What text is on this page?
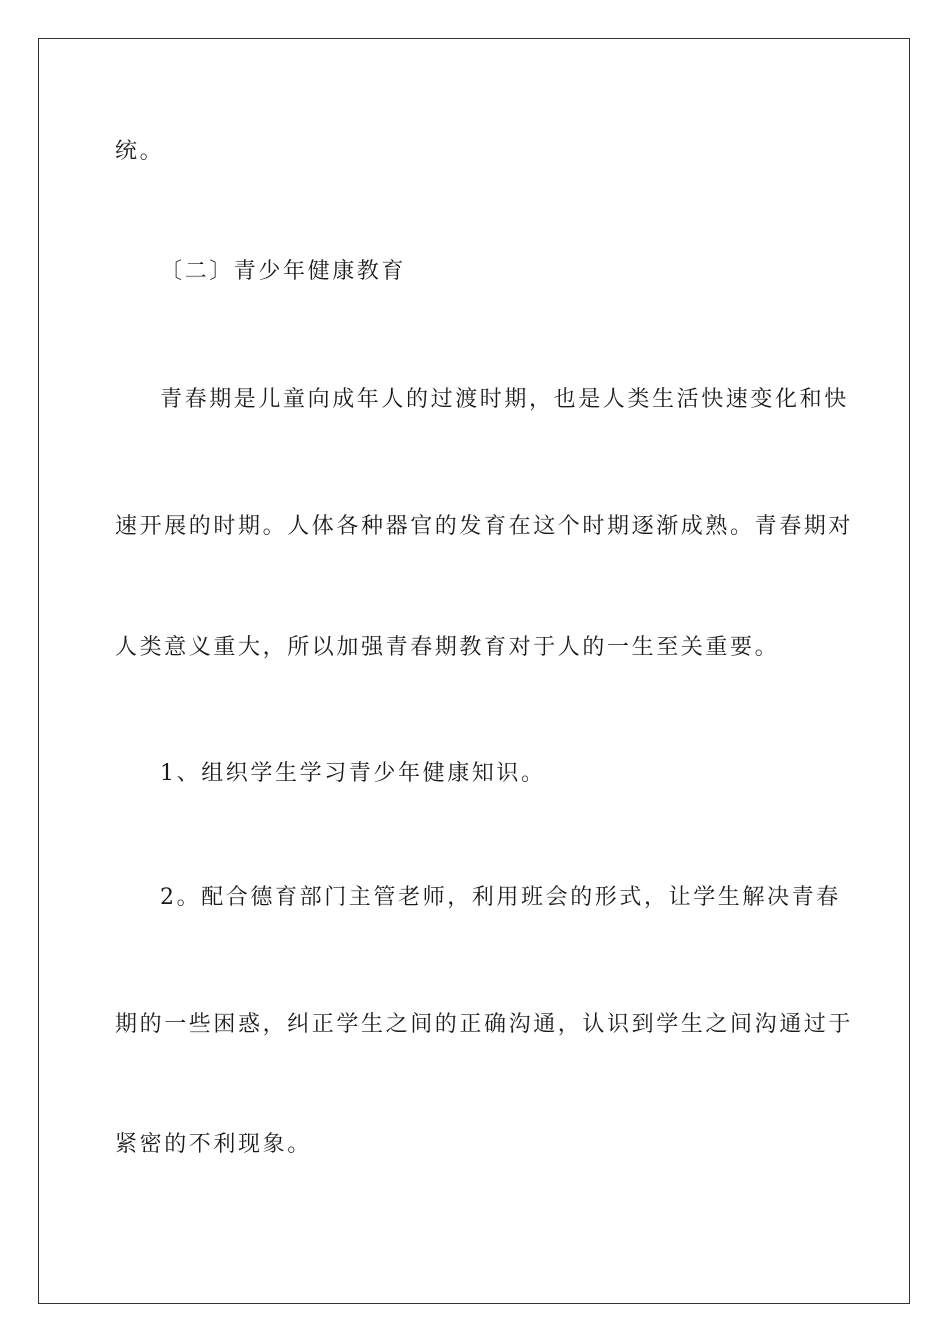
统。
〔二〕青少年健康教育
青春期是儿童向成年人的过渡时期，也是人类生活快速变化和快
速开展的时期。人体各种器官的发育在这个时期逐渐成熟。青春期对
人类意义重大，所以加强青春期教育对于人的一生至关重要。
1、组织学生学习青少年健康知识。
2。配合德育部门主管老师，利用班会的形式，让学生解决青春
期的一些困惑，纠正学生之间的正确沟通，认识到学生之间沟通过于
紧密的不利现象。
